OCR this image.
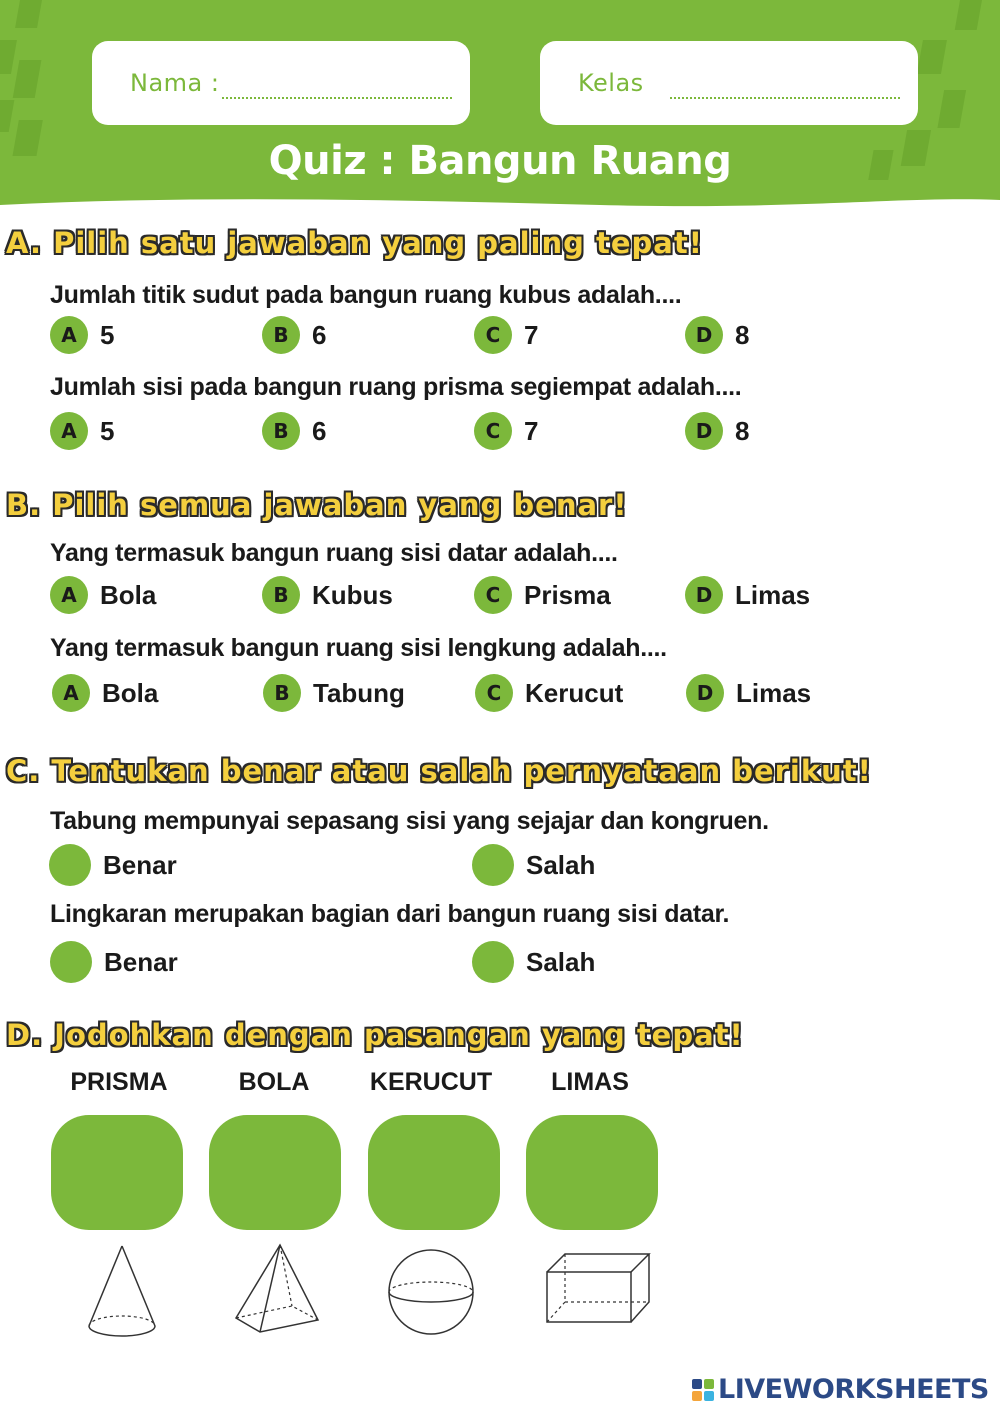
Nama :	Kelas
Quiz : Bangun Ruang
A. Pilih satu jawaban yang paling tepat!
Jumlah titik sudut pada bangun ruang kubus adalah....
A 5	B 6	C 7	D 8
Jumlah sisi pada bangun ruang prisma segiempat adalah....
A 5	B 6	C 7	D 8
B. Pilih semua jawaban yang benar!
Yang termasuk bangun ruang sisi datar adalah....
A Bola	B Kubus	C Prisma	D Limas
Yang termasuk bangun ruang sisi lengkung adalah....
A Bola	B Tabung	C Kerucut	D Limas
C. Tentukan benar atau salah pernyataan berikut!
Tabung mempunyai sepasang sisi yang sejajar dan kongruen.
Benar	Salah
Lingkaran merupakan bagian dari bangun ruang sisi datar.
Benar	Salah
D. Jodohkan dengan pasangan yang tepat!
PRISMA	BOLA	KERUCUT	LIMAS
LIVEWORKSHEETS
